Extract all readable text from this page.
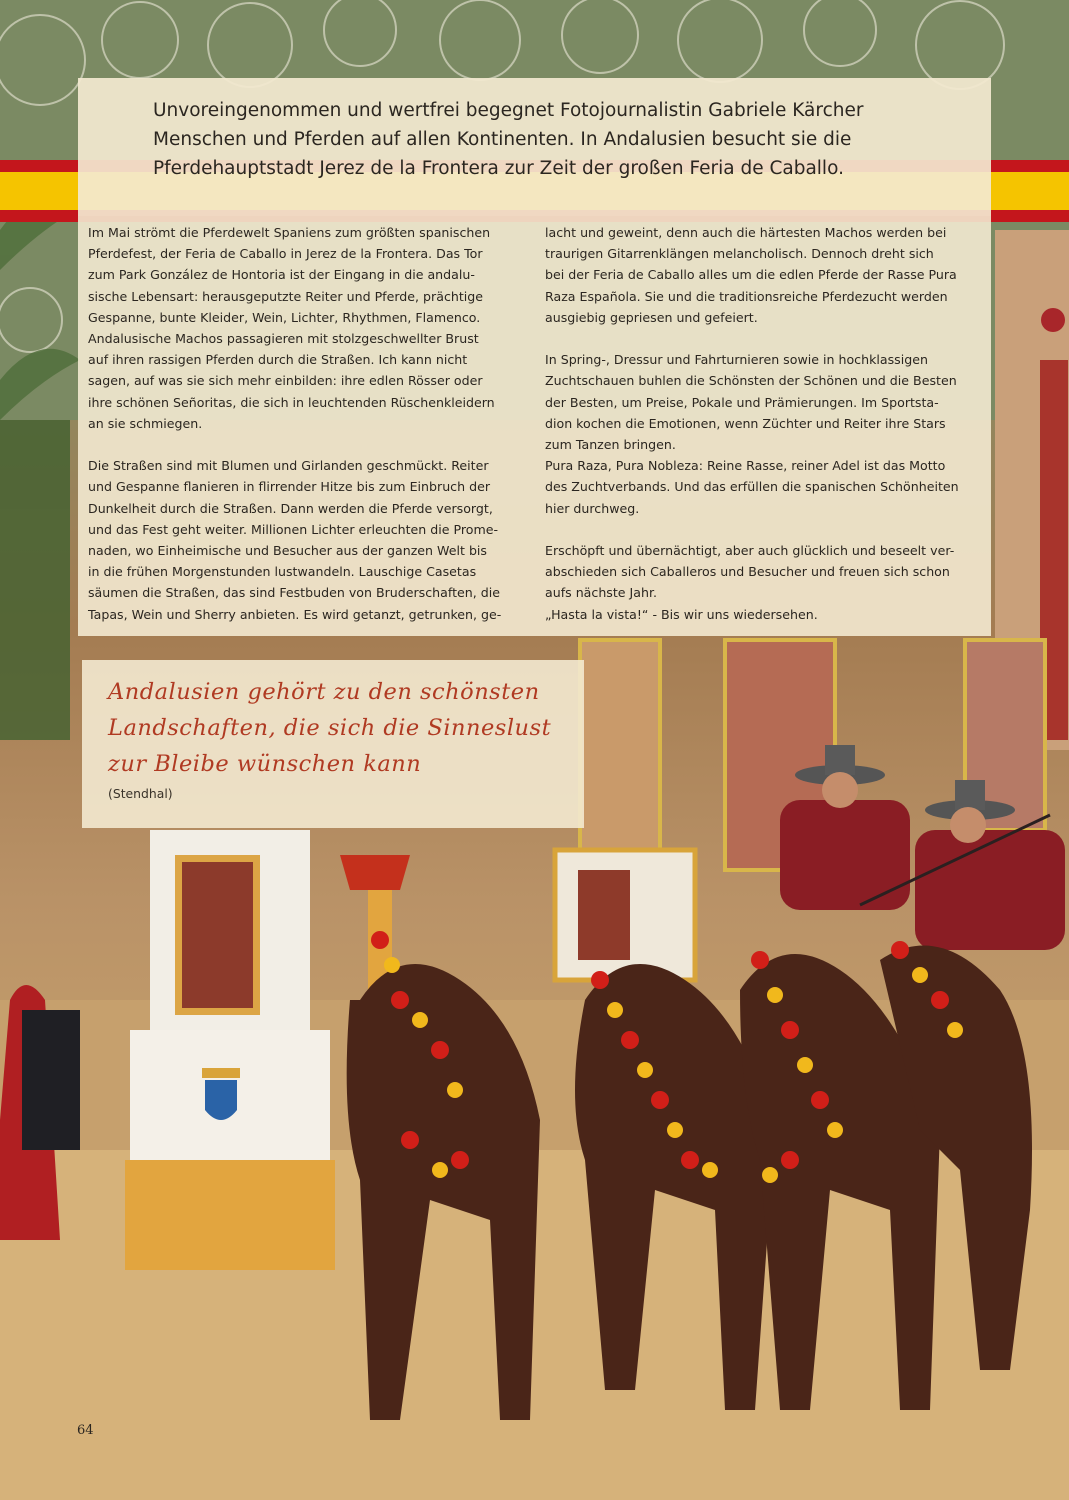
Unvoreingenommen und wertfrei begegnet Fotojournalistin Gabriele Kärcher
Menschen und Pferden auf allen Kontinenten. In Andalusien besucht sie die
Pferdehauptstadt Jerez de la Frontera zur Zeit der großen Feria de Caballo.

Im Mai strömt die Pferdewelt Spaniens zum größten spanischen
Pferdefest, der Feria de Caballo in Jerez de la Frontera. Das Tor
zum Park González de Hontoria ist der Eingang in die andalu-
sische Lebensart: herausgeputzte Reiter und Pferde, prächtige
Gespanne, bunte Kleider, Wein, Lichter, Rhythmen, Flamenco.
Andalusische Machos passagieren mit stolzgeschwellter Brust
auf ihren rassigen Pferden durch die Straßen. Ich kann nicht
sagen, auf was sie sich mehr einbilden: ihre edlen Rösser oder
ihre schönen Señoritas, die sich in leuchtenden Rüschenkleidern
an sie schmiegen.

Die Straßen sind mit Blumen und Girlanden geschmückt. Reiter
und Gespanne flanieren in flirrender Hitze bis zum Einbruch der
Dunkelheit durch die Straßen. Dann werden die Pferde versorgt,
und das Fest geht weiter. Millionen Lichter erleuchten die Prome-
naden, wo Einheimische und Besucher aus der ganzen Welt bis
in die frühen Morgenstunden lustwandeln. Lauschige Casetas
säumen die Straßen, das sind Festbuden von Bruderschaften, die
Tapas, Wein und Sherry anbieten. Es wird getanzt, getrunken, ge-

lacht und geweint, denn auch die härtesten Machos werden bei
traurigen Gitarrenklängen melancholisch. Dennoch dreht sich
bei der Feria de Caballo alles um die edlen Pferde der Rasse Pura
Raza Española. Sie und die traditionsreiche Pferdezucht werden
ausgiebig gepriesen und gefeiert.

In Spring-, Dressur und Fahrturnieren sowie in hochklassigen
Zuchtschauen buhlen die Schönsten der Schönen und die Besten
der Besten, um Preise, Pokale und Prämierungen. Im Sportsta-
dion kochen die Emotionen, wenn Züchter und Reiter ihre Stars
zum Tanzen bringen.
Pura Raza, Pura Nobleza: Reine Rasse, reiner Adel ist das Motto
des Zuchtverbands. Und das erfüllen die spanischen Schönheiten
hier durchweg.

Erschöpft und übernächtigt, aber auch glücklich und beseelt ver-
abschieden sich Caballeros und Besucher und freuen sich schon
aufs nächste Jahr.
„Hasta la vista!“ - Bis wir uns wiedersehen.

Andalusien gehört zu den schönsten
Landschaften, die sich die Sinneslust
zur Bleibe wünschen kann

(Stendhal)
64
